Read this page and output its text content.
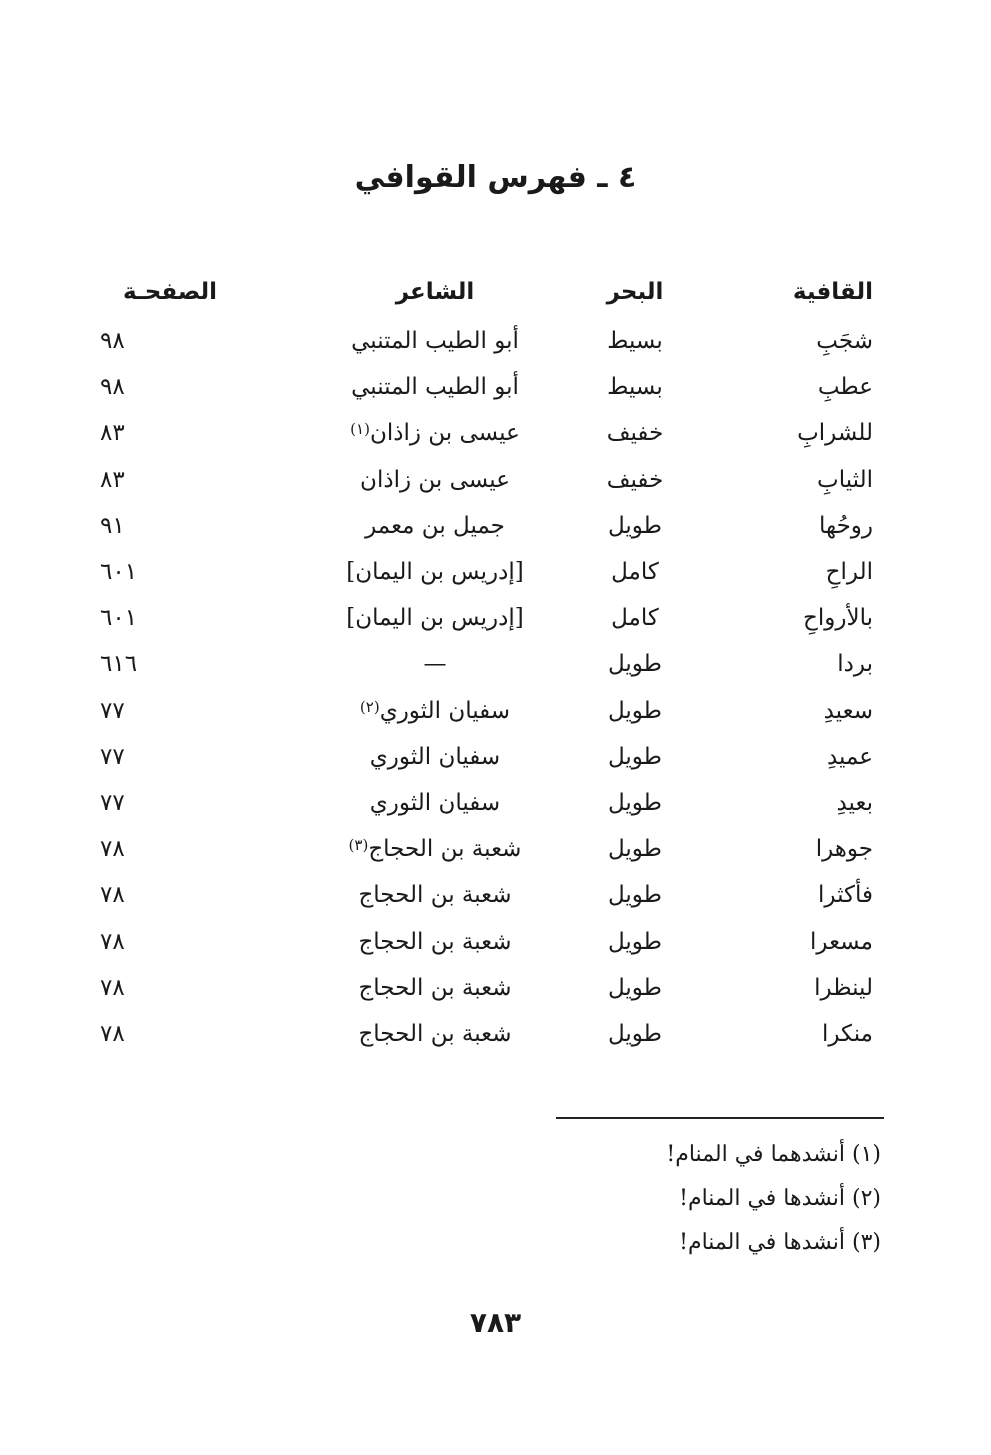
٤ ـ فهرس القوافي
القافية
البحر
الشاعر
الصفحـة
شجَبِ
بسيط
أبو الطيب المتنبي
٩٨
عطبِ
بسيط
أبو الطيب المتنبي
٩٨
للشرابِ
خفيف
عيسى بن زاذان$^{(١)}$
٨٣
الثيابِ
خفيف
عيسى بن زاذان
٨٣
روحُها
طويل
جميل بن معمر
٩١
الراحِ
كامل
[إدريس بن اليمان]
٦٠١
بالأرواحِ
كامل
[إدريس بن اليمان]
٦٠١
بردا
طويل
—
٦١٦
سعيدِ
طويل
سفيان الثوري$^{(٢)}$
٧٧
عميدِ
طويل
سفيان الثوري
٧٧
بعيدِ
طويل
سفيان الثوري
٧٧
جوهرا
طويل
شعبة بن الحجاج$^{(٣)}$
٧٨
فأكثرا
طويل
شعبة بن الحجاج
٧٨
مسعرا
طويل
شعبة بن الحجاج
٧٨
لينظرا
طويل
شعبة بن الحجاج
٧٨
منكرا
طويل
شعبة بن الحجاج
٧٨
(١) أنشدهما في المنام!
(٢) أنشدها في المنام!
(٣) أنشدها في المنام!
٧٨٣
